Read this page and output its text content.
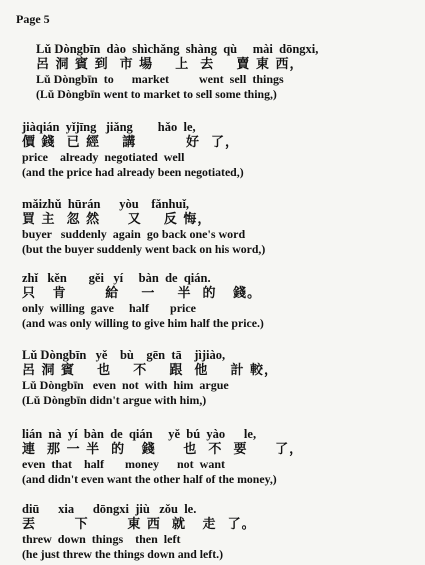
Page 5
Lǔ Dòngbīn  dào  shìchǎng  shàng  qù     mài  dōngxi,
呂 洞 賓 到  市 場    上  去    賣 東 西，
Lǔ Dòngbīn  to      market          went  sell  things
(Lǔ Dòngbīn went to market to sell some thing,)
jiàqián  yǐjīng   jiǎng        hǎo  le,
價 錢  已 經    講         好  了，
price    already  negotiated  well
(and the price had already been negotiated,)
mǎizhǔ  hūrán      yòu    fǎnhuǐ,
買 主  忽 然     又    反 悔，
buyer   suddenly  again  go back one's word
(but the buyer suddenly went back on his word,)
zhǐ   kěn       gěi   yí     bàn  de  qián.
只   肯       給    一    半  的   錢。
only  willing  gave     half       price
(and was only willing to give him half the price.)
Lǔ Dòngbīn   yě    bù    gēn  tā    jìjiào,
呂 洞 賓    也    不    跟  他    計 較，
Lǔ Dòngbīn   even  not  with  him  argue
(Lǔ Dòngbīn didn't argue with him,)
lián  nà  yí  bàn  de  qián     yě  bú  yào      le,
連  那 一 半  的   錢     也  不  要     了，
even  that    half       money      not  want
(and didn't even want the other half of the money,)
diū      xia      dōngxi  jiù   zǒu  le.
丟       下       東 西  就   走  了。
threw  down  things    then  left
(he just threw the things down and left.)
